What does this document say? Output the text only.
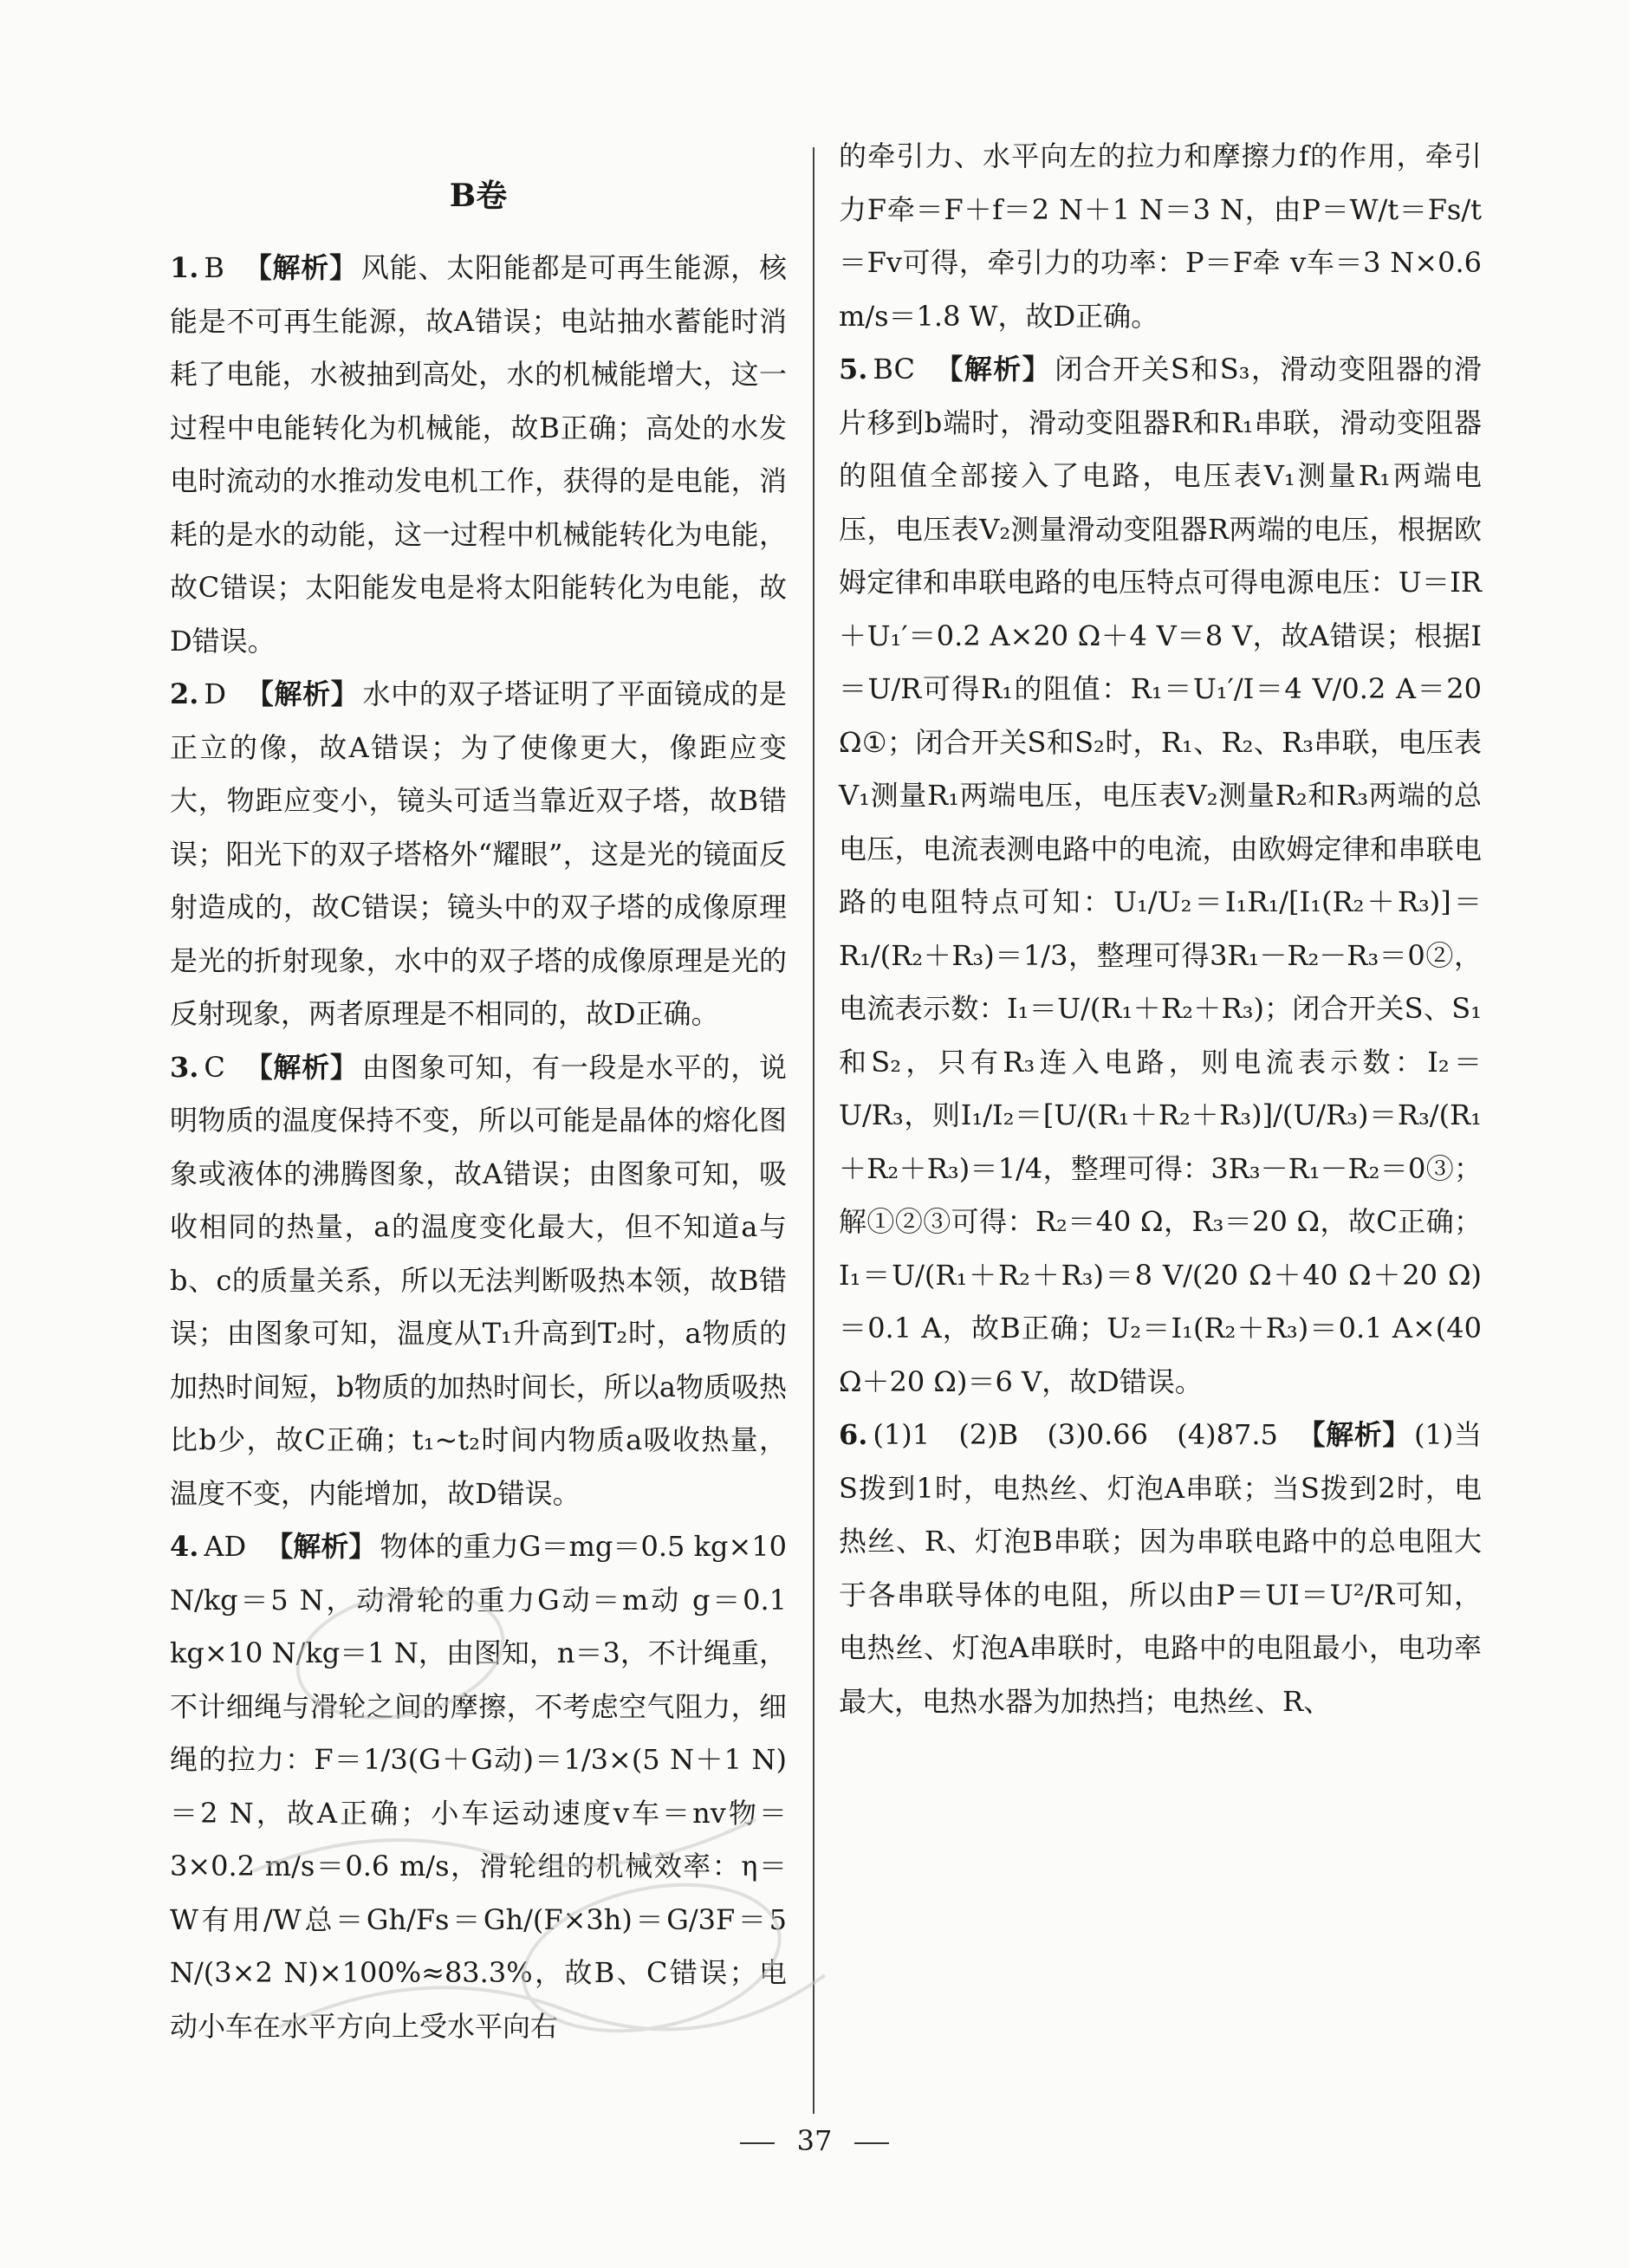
B卷

1. B 【解析】 风能、太阳能都是可再生能源，核能是不可再生能源，故A错误；电站抽水蓄能时消耗了电能，水被抽到高处，水的机械能增大，这一过程中电能转化为机械能，故B正确；高处的水发电时流动的水推动发电机工作，获得的是电能，消耗的是水的动能，这一过程中机械能转化为电能，故C错误；太阳能发电是将太阳能转化为电能，故D错误。

2. D 【解析】 水中的双子塔证明了平面镜成的是正立的像，故A错误；为了使像更大，像距应变大，物距应变小，镜头可适当靠近双子塔，故B错误；阳光下的双子塔格外“耀眼”，这是光的镜面反射造成的，故C错误；镜头中的双子塔的成像原理是光的折射现象，水中的双子塔的成像原理是光的反射现象，两者原理是不相同的，故D正确。

3. C 【解析】 由图象可知，有一段是水平的，说明物质的温度保持不变，所以可能是晶体的熔化图象或液体的沸腾图象，故A错误；由图象可知，吸收相同的热量，a的温度变化最大，但不知道a与b、c的质量关系，所以无法判断吸热本领，故B错误；由图象可知，温度从T₁升高到T₂时，a物质的加热时间短，b物质的加热时间长，所以a物质吸热比b少，故C正确；t₁~t₂时间内物质a吸收热量，温度不变，内能增加，故D错误。

4. AD 【解析】 物体的重力G＝mg＝0.5 kg×10 N/kg＝5 N，动滑轮的重力G动＝m动 g＝0.1 kg×10 N/kg＝1 N，由图知，n＝3，不计绳重，不计细绳与滑轮之间的摩擦，不考虑空气阻力，细绳的拉力：F＝1/3(G＋G动)＝1/3×(5 N＋1 N)＝2 N，故A正确；小车运动速度v车＝nv物＝3×0.2 m/s＝0.6 m/s，滑轮组的机械效率：η＝W有用/W总＝Gh/Fs＝Gh/(F×3h)＝G/3F＝5 N/(3×2 N)×100%≈83.3%，故B、C错误；电动小车在水平方向上受水平向右

的牵引力、水平向左的拉力和摩擦力f的作用，牵引力F牵＝F＋f＝2 N＋1 N＝3 N，由P＝W/t＝Fs/t＝Fv可得，牵引力的功率：P＝F牵 v车＝3 N×0.6 m/s＝1.8 W，故D正确。

5. BC 【解析】 闭合开关S和S₃，滑动变阻器的滑片移到b端时，滑动变阻器R和R₁串联，滑动变阻器的阻值全部接入了电路，电压表V₁测量R₁两端电压，电压表V₂测量滑动变阻器R两端的电压，根据欧姆定律和串联电路的电压特点可得电源电压：U＝IR＋U₁′＝0.2 A×20 Ω＋4 V＝8 V，故A错误；根据I＝U/R可得R₁的阻值：R₁＝U₁′/I＝4 V/0.2 A＝20 Ω①；闭合开关S和S₂时，R₁、R₂、R₃串联，电压表V₁测量R₁两端电压，电压表V₂测量R₂和R₃两端的总电压，电流表测电路中的电流，由欧姆定律和串联电路的电阻特点可知：U₁/U₂＝I₁R₁/[I₁(R₂＋R₃)]＝R₁/(R₂＋R₃)＝1/3，整理可得3R₁－R₂－R₃＝0②，电流表示数：I₁＝U/(R₁＋R₂＋R₃)；闭合开关S、S₁和S₂，只有R₃连入电路，则电流表示数：I₂＝U/R₃，则I₁/I₂＝[U/(R₁＋R₂＋R₃)]/(U/R₃)＝R₃/(R₁＋R₂＋R₃)＝1/4，整理可得：3R₃－R₁－R₂＝0③；解①②③可得：R₂＝40 Ω，R₃＝20 Ω，故C正确；I₁＝U/(R₁＋R₂＋R₃)＝8 V/(20 Ω＋40 Ω＋20 Ω)＝0.1 A，故B正确；U₂＝I₁(R₂＋R₃)＝0.1 A×(40 Ω＋20 Ω)＝6 V，故D错误。

6. (1)1　(2)B　(3)0.66　(4)87.5 【解析】 (1)当S拨到1时，电热丝、灯泡A串联；当S拨到2时，电热丝、R、灯泡B串联；因为串联电路中的总电阻大于各串联导体的电阻，所以由P＝UI＝U²/R可知，电热丝、灯泡A串联时，电路中的电阻最小，电功率最大，电热水器为加热挡；电热丝、R、

37
